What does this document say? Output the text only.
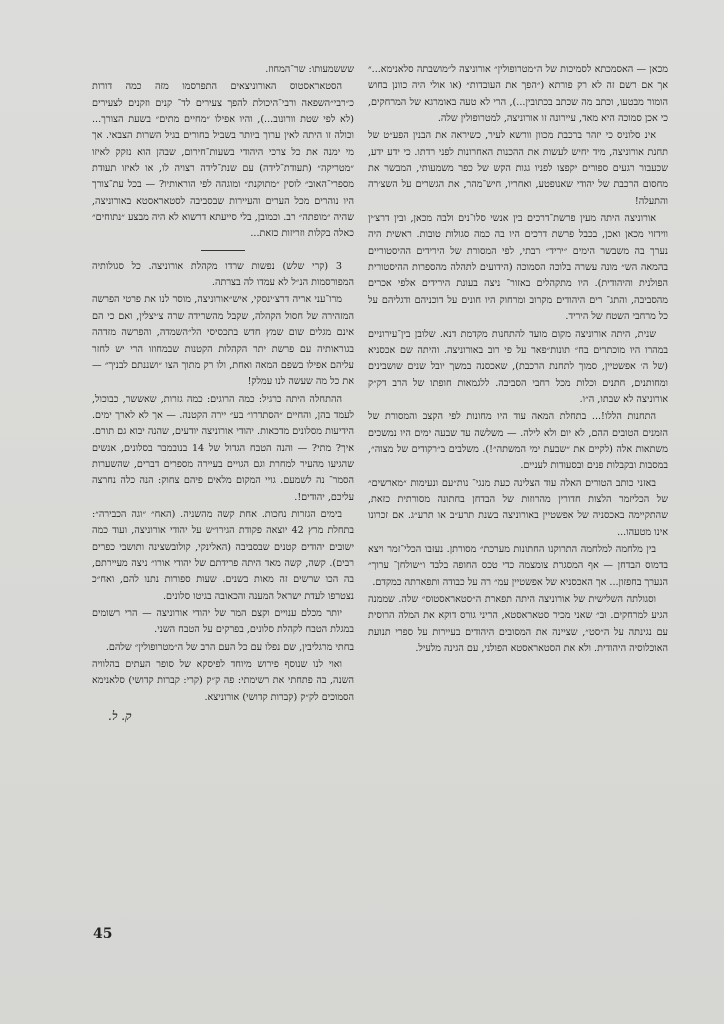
מכאן — האסמכתא לסמיכות של ה״מטרופולין״ אורוניצה ל״מושבתה סלאנימא...״ אך אם רשם זה לא רק פורתא (״הפך את העובדות״ (או אולי היה כוונן בחוש הומור מבטעו, וכתב מה שכתב בכתובין...), הרי לא טעה באומרגא של המרחקים, כי אכן סמוכה היא מאד, עיירונה זו אורוניצה, למטרופולין שלה.

אינ סלוניס כי יזהר ברכבת מכוון וורשא לעיר, כשיראה את הבנין הפע״ט של תחנת אורוניצה, מיד יחיש לעשות את ההכנות האחרונות לפני רדתו. כי ידע ידע, שכעבור רגעים ספורים יקפצו לפניו גגות הקש של כפר משמעותי, המבשר את מחסום הרכבת של יהודי שאנופטע, ואחריו, חיש־מהר, את הגשרים על השצ׳רה והתעלה!

אורוניצה היתה מעין פרשת־דרכים בין אנשי סלו־נים ולבה מכאן, ובין דרצ׳ין ווידזוי מכאן ואכן, בכבל פרשת דרכים היו בה כמה סגולות טובות. ראשית היה נערך בה משבשר הימים ״יריד״ רבתי, לפי המסורת של הירידים ההיסטוריים בהמאה הש״ מונה עשרה בלוכה הסמוכה (הידועים לתהלה מהספרות ההיסטורית הפולנית והיהודית). היו מתקהלים באזור־ ניצה בעונת הירידים אלפי אכרים מהסביבה, והתג־ רים היהודים מקרוב ומרחוק היו חונים על דוכניהם ודגליהם על כל מרחבי השטח של היריד.

שנית, היתה אורוניצה מקום מועד להתחנות מקדמת דנא. שלובן בין־עירוניים במהרו היו מוכתרים בח״ תונות״פאר על פי רוב באורוניצה. והיתה שם אכסניא (של ה׳ אפשטיין, סמוך לתחנת הרכבת), שאכסנה במשך יובל שנים שושבינים ומחותנים, חתנים וכלות מכל רחבי הסביבה. ללגמאות חופתו של הרב דק״ק אורוניצה לא שבתו, ה״ו.

התחנות הללו!... בתחלת המאה עוד היו מחונות לפי הקצב והמסורת של הזמנים הטובים ההם, לא יום ולא לילה. — משלשה עד שבעה ימים היו נמשכים משתאות אלה (לקיים את ״שבעת ימי המשתה״!). משלבים ב״רקודים של מצוה״, במסבות ובקבלות פנים ובסעודות לעניים.

באזני כותב הטורים האלה עוד הצלינה כעת מנגי־ נות״עם ונעימות ״מארשים״ של הכליזמר הלצות חדורין מהרוזות של הבדחן בחתונה מסורתית כזאת, שהתקיימה באכסניה של אפשטיין באורוניצה בשנת תרע״ב או תרע״ג. אם זכרונו אינו מטעהו...

בין מלחמה למלחמה התרוקנו החתונות מערכת״ מסורתן. נעזבו הכלי־זמר ויצא בדמוס הבדחן — אף המסגרת צומצמה כדי טכס החופה בלבד ו״שולחן־ ערוך״ הנערך בחפזון... אך האכסניא של אפשטיין עמ״ רה על כבודה ותפארתה כמקדם.

וסגולתה השלישית של אורוניצה היתה תפארת ה״סטאראסטוס״ שלה. שממנה הגיע למרחקים. וב״ שאני מכיר סטאראסטא, הריני גורס דוקא את המלה הרוסית עם נגינתה על ה״סט״, שציינה את המסובים היהודים בעיירות על ספרי תנועת האוכלוסיה היהודית. ולא את הסטאראסטא הפולני, עם הגינה מלעיל.

שששמעותו: שר־המחוז.

הסטאראסטוס האורוניצאים התפרסמו מזה כמה דורות כ״רבי״השפאה ורבי־היכולת להפך צעירים לד־ קנים וזקנים לצעירים (לא לפי שטת וורונוב...), והיו אפילו ״מחיים מתים״ בשעת הצורך... וכולה זו היתה לאין ערוך ביותר בשביל בחורים בגיל השרות הצבאי. אך מי ימנה את כל צרכי היהודי בשעות־חירום, שבהן הוא נזקק לאיזו ״מטריקה״ (תעודת־לידה) עם שנת־לידה רצויה לו, או לאיזו תעודת מספרי־האוב״ לוסין ״מתוקנת״ ומוגהה לפי הוראותיו? — בכל עת־צורך היו נוהרים מכל הערים והעיירות שבסביבה לסטאראסטא באורוניצה, שהיה ״מופתה״ רב. וכמובן, בלי סייעתא דרשוא לא היה מבצע ״נתוחים״ כאלה בקלות וזריזות כזאת...

3 (קרי שלש) נפשות שרדו מקהלת אורוניצה. כל סגולותיה המפורסמות הנ״ל לא עמדו לה בצרתה.

מרו־עני אריה דרצ׳ינסקי, איש״אורוניצה, מוסר לנו את פרטי הפרשה המזהירה של חסול הקהלה, שקבל מהשרידה שרה צ׳יצלין, ואם כי הם אינם מגלים שום שמץ חדש בתכסיסי הל״השמדה, והפרשה מזדהה בגוראותיה עם פרשת יתר הקהלות הקטנות שבמחוזו הרי יש לחזר עליהם אפילו בשפם המאה ואחת, ולו רק מתוך הצו ״ושננתם לבניך״ — את כל מה שעשה לנו עמלק!

ההתחלה היתה כרגיל: כמה הרוגים: כמה גזרות, שאששר, כבוכול, לעמד בהן, והחיים ״הסתדרו״ בע״ יירה הקטנה. — אך לא לארך ימים. הידיעות מסלונים מדכאות. יהודי אורוניצה יודעים, שהנה יבוא גם תורם. איך? מתי? — והנה הטבח הגדול של 14 בנובמבר בסלונים, אנשים שהגיעו מהעיר למחרת וגם הגויים בעיירה מספרים דברים, שהשערות הסמר־ נה לשמעם. גויי המקום מלאים פיהם צחוק: הנה כלה נחרצה עליכם, יהודים!.

בימים הגזרות נחכות. אחת קשה מהשניה. (האח״ ״וגה הכבירה״: בתחלת מרץ 42 יוצאה פקודת הגירו״ש על יהודי אורוניצה, ועוד כמה ישובים יהודים קטנים שבסביבה (האלינקי, קולובשצינה ותושבי כפרים רבים). קשה, קשה מאד היתה פרידתם של יהודי אורו״ ניצה מעיירתם, בה הכו שרשים זה מאות בשנים. שעות ספורות נתנו להם, ואח״כ נצטרפו לעדת ישראל המענה והכאובה בגיטו סלונים.

יותר מכלם ענויים וקצם המר של יהודי אורוניצה — הרי רשומים במגלת הטבח לקהלת סלונים, בפרקים על הטבח השני.

בחתי מרגליבין, שם נפלו עם כל העם הרב של ה״מטרופולין״ שלהם.

ואוי לנו שנוסף פירוש מיוחד לפיסקא של סופר העתים בהלוויה השנה, בה פתחתי את רשימתי: פה ק״ק (קרי: קברות קדושי) סלאנימא הסמוכים לק״ק (קברות קדושי) אורוניצא.

ק. ל.
45
